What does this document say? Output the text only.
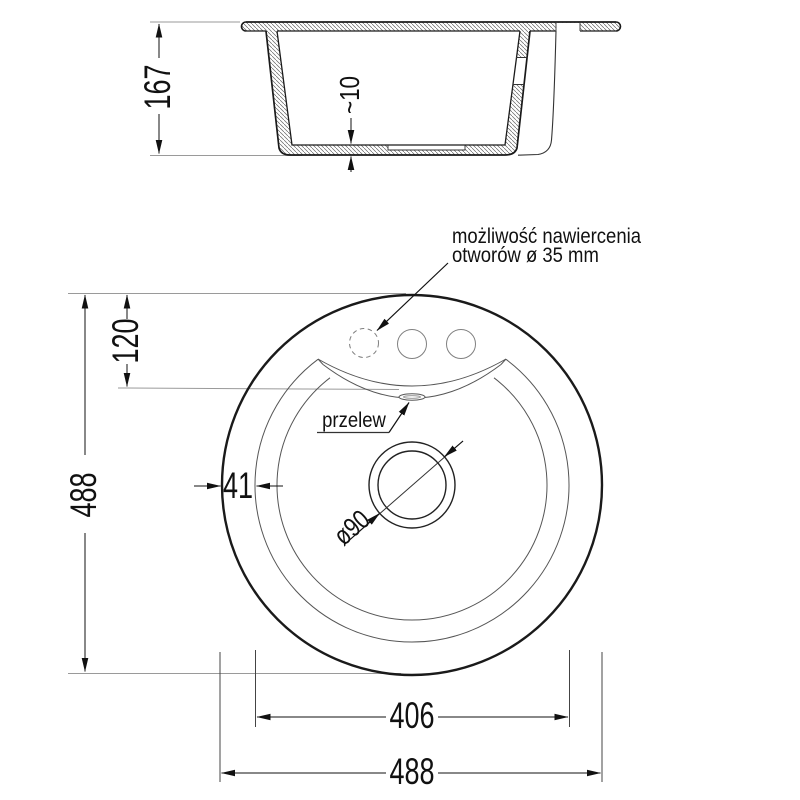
167	~10
488
120
41
ø90
przelew
406
488
możliwość nawiercenia
otworów ø 35 mm
